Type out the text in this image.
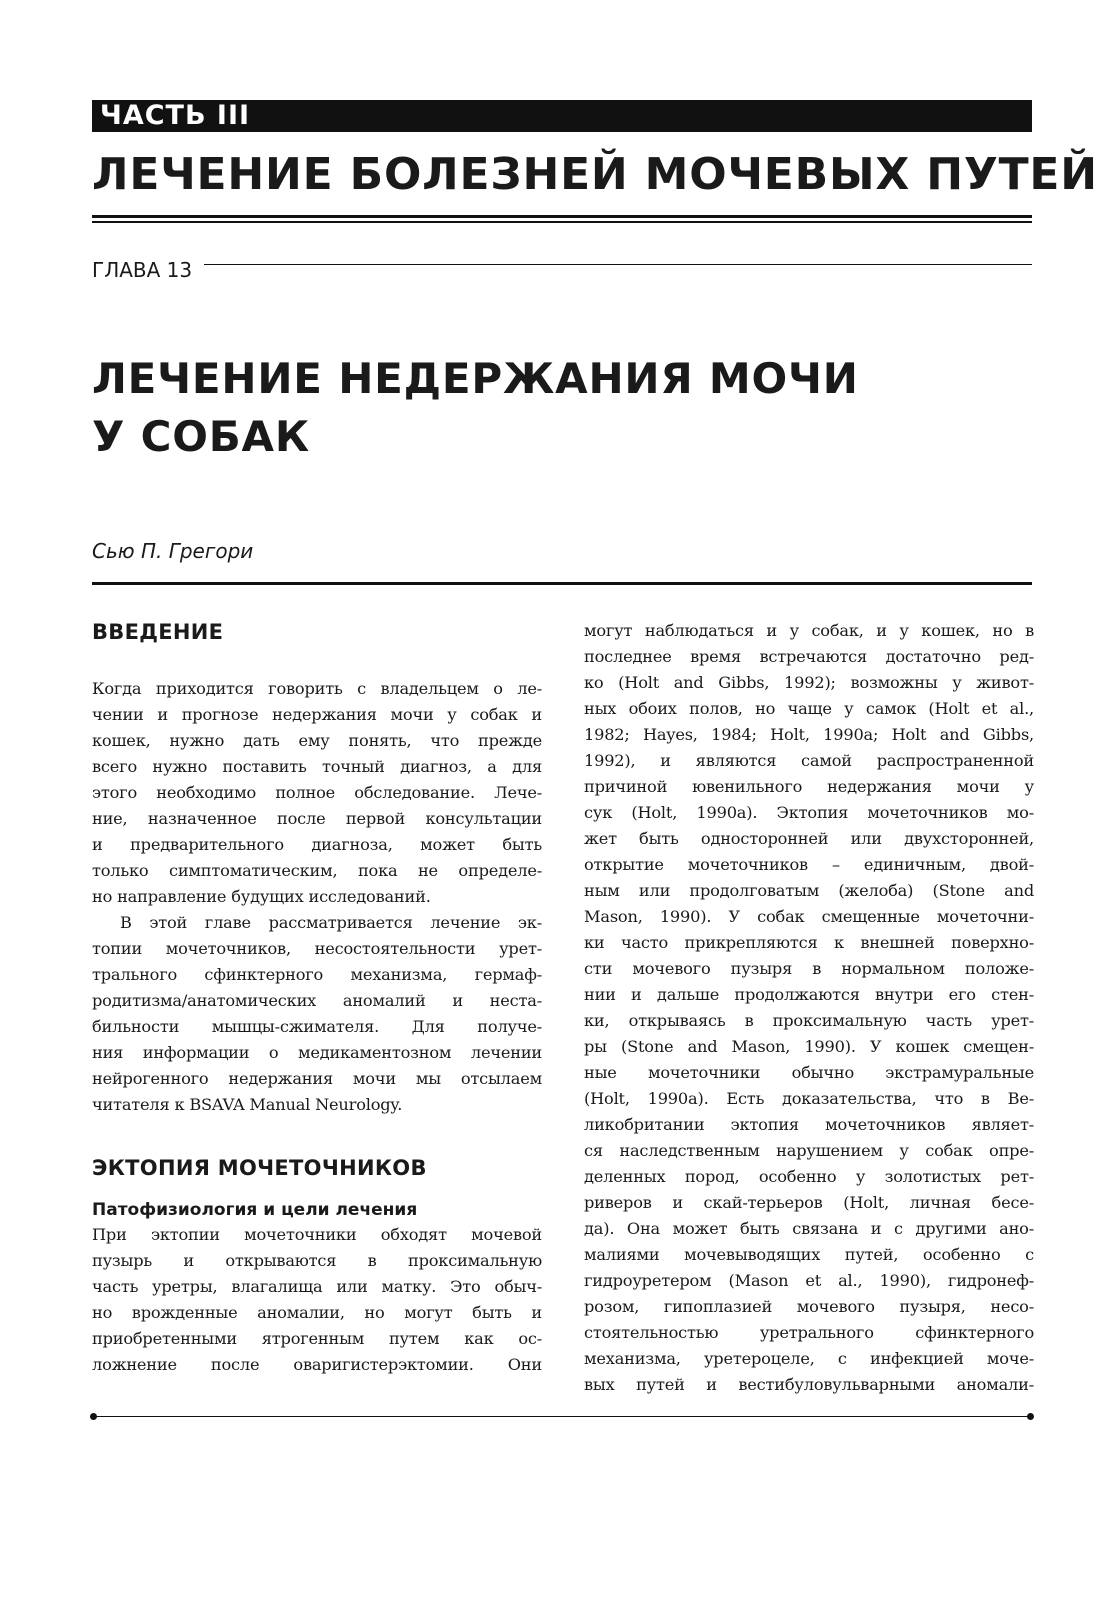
ЧАСТЬ III
ЛЕЧЕНИЕ БОЛЕЗНЕЙ МОЧЕВЫХ ПУТЕЙ
ГЛАВА 13
ЛЕЧЕНИЕ НЕДЕРЖАНИЯ МОЧИ
У СОБАК
Сью П. Грегори
ВВЕДЕНИЕ
Когда приходится говорить с владельцем о ле-
чении и прогнозе недержания мочи у собак и
кошек, нужно дать ему понять, что прежде
всего нужно поставить точный диагноз, а для
этого необходимо полное обследование. Лече-
ние, назначенное после первой консультации
и предварительного диагноза, может быть
только симптоматическим, пока не определе-
но направление будущих исследований.
В этой главе рассматривается лечение эк-
топии мочеточников, несостоятельности урет-
трального сфинктерного механизма, гермаф-
родитизма/анатомических аномалий и неста-
бильности мышцы-сжимателя. Для получе-
ния информации о медикаментозном лечении
нейрогенного недержания мочи мы отсылаем
читателя к BSAVA Manual Neurology.
ЭКТОПИЯ МОЧЕТОЧНИКОВ
Патофизиология и цели лечения
При эктопии мочеточники обходят мочевой
пузырь и открываются в проксимальную
часть уретры, влагалища или матку. Это обыч-
но врожденные аномалии, но могут быть и
приобретенными ятрогенным путем как ос-
ложнение после оваригистерэктомии. Они
могут наблюдаться и у собак, и у кошек, но в
последнее время встречаются достаточно ред-
ко (Holt and Gibbs, 1992); возможны у живот-
ных обоих полов, но чаще у самок (Holt et al.,
1982; Hayes, 1984; Holt, 1990a; Holt and Gibbs,
1992), и являются самой распространенной
причиной ювенильного недержания мочи у
сук (Holt, 1990a). Эктопия мочеточников мо-
жет быть односторонней или двухсторонней,
открытие мочеточников – единичным, двой-
ным или продолговатым (желоба) (Stone and
Mason, 1990). У собак смещенные мочеточни-
ки часто прикрепляются к внешней поверхно-
сти мочевого пузыря в нормальном положе-
нии и дальше продолжаются внутри его стен-
ки, открываясь в проксимальную часть урет-
ры (Stone and Mason, 1990). У кошек смещен-
ные мочеточники обычно экстрамуральные
(Holt, 1990a). Есть доказательства, что в Ве-
ликобритании эктопия мочеточников являет-
ся наследственным нарушением у собак опре-
деленных пород, особенно у золотистых рет-
риверов и скай-терьеров (Holt, личная бесе-
да). Она может быть связана и с другими ано-
малиями мочевыводящих путей, особенно с
гидроуретером (Mason et al., 1990), гидронеф-
розом, гипоплазией мочевого пузыря, несо-
стоятельностью уретрального сфинктерного
механизма, уретероцеле, с инфекцией моче-
вых путей и вестибуловульварными аномали-
